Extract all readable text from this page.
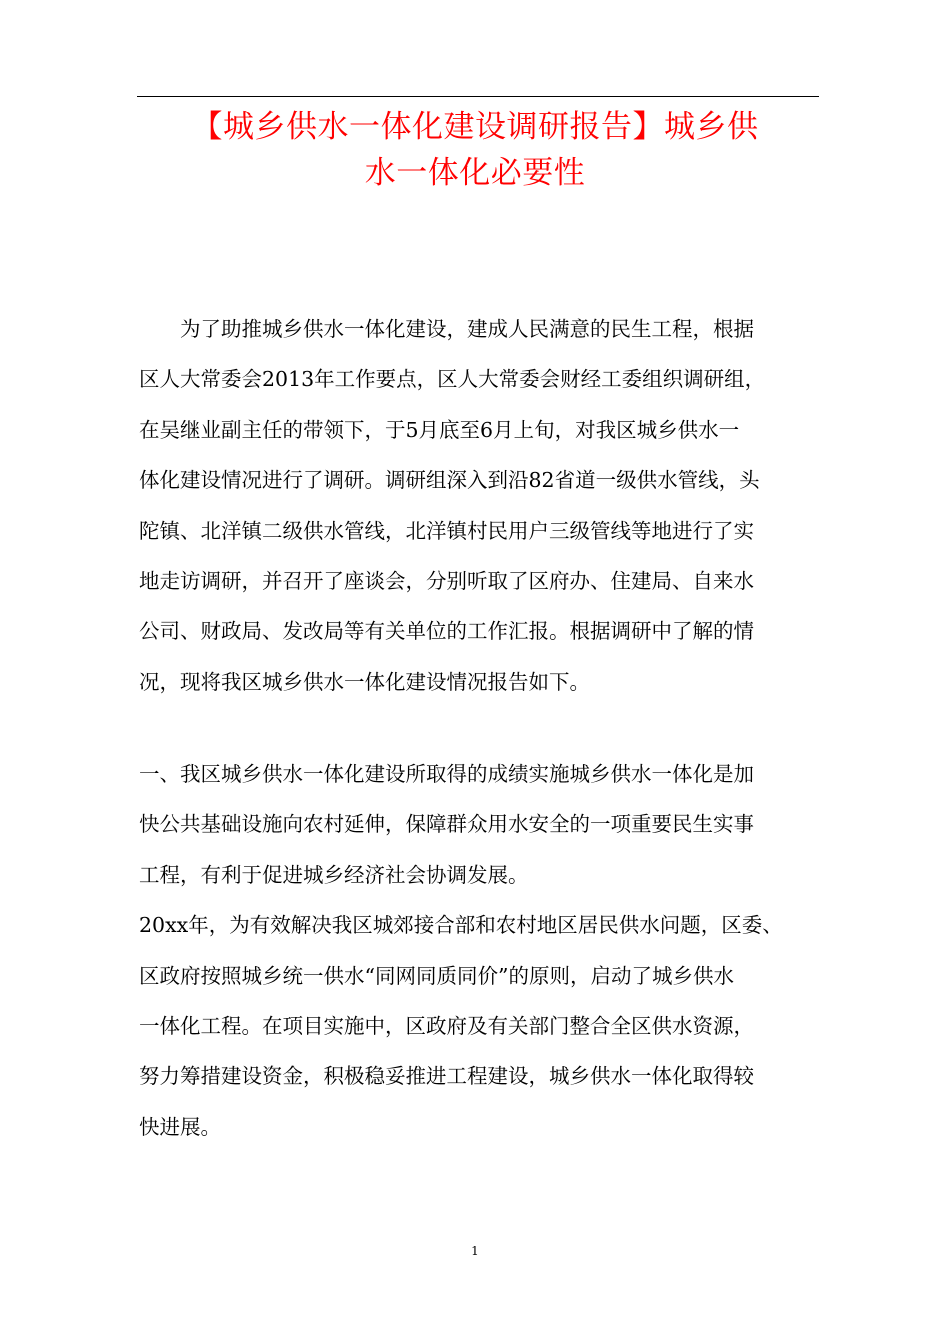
【城乡供水一体化建设调研报告】城乡供
水一体化必要性
为了助推城乡供水一体化建设，建成人民满意的民生工程，根据
区人大常委会2013年工作要点，区人大常委会财经工委组织调研组，
在吴继业副主任的带领下，于5月底至6月上旬，对我区城乡供水一
体化建设情况进行了调研。调研组深入到沿82省道一级供水管线，头
陀镇、北洋镇二级供水管线，北洋镇村民用户三级管线等地进行了实
地走访调研，并召开了座谈会，分别听取了区府办、住建局、自来水
公司、财政局、发改局等有关单位的工作汇报。根据调研中了解的情
况，现将我区城乡供水一体化建设情况报告如下。
一、我区城乡供水一体化建设所取得的成绩实施城乡供水一体化是加
快公共基础设施向农村延伸，保障群众用水安全的一项重要民生实事
工程，有利于促进城乡经济社会协调发展。
20xx年，为有效解决我区城郊接合部和农村地区居民供水问题，区委、
区政府按照城乡统一供水“同网同质同价”的原则，启动了城乡供水
一体化工程。在项目实施中，区政府及有关部门整合全区供水资源，
努力筹措建设资金，积极稳妥推进工程建设，城乡供水一体化取得较
快进展。
1
